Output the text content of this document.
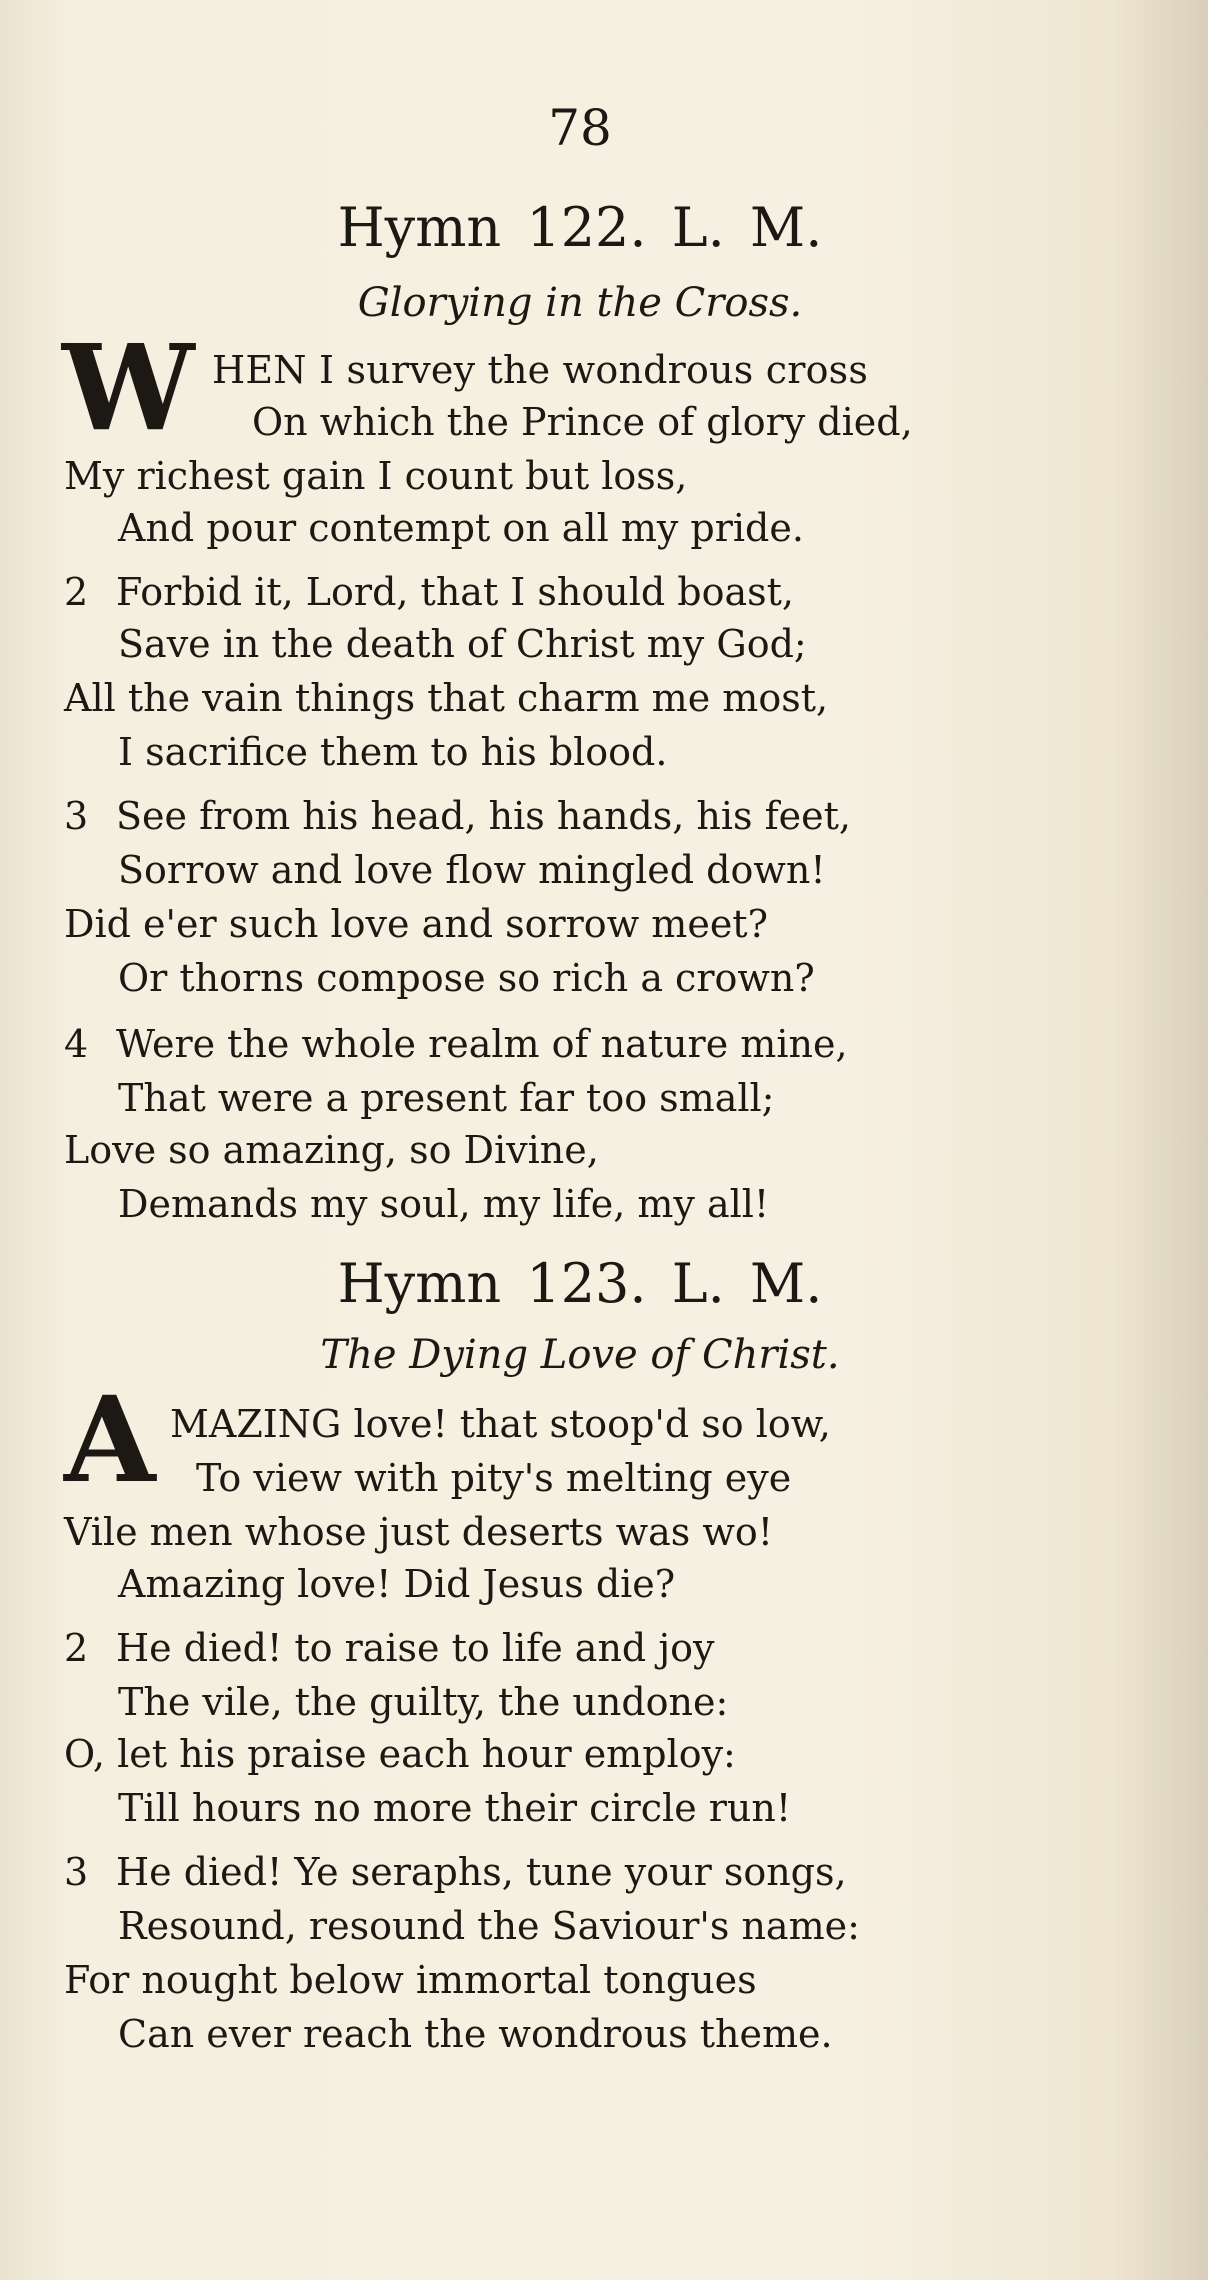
78
Hymn 122. L. M.
Glorying in the Cross.
W HEN I survey the wondrous cross
On which the Prince of glory died,
My richest gain I count but loss,
And pour contempt on all my pride.
2 Forbid it, Lord, that I should boast,
Save in the death of Christ my God;
All the vain things that charm me most,
I sacrifice them to his blood.
3 See from his head, his hands, his feet,
Sorrow and love flow mingled down!
Did e'er such love and sorrow meet?
Or thorns compose so rich a crown?
4 Were the whole realm of nature mine,
That were a present far too small;
Love so amazing, so Divine,
Demands my soul, my life, my all!
Hymn 123. L. M.
The Dying Love of Christ.
A MAZING love! that stoop'd so low,
To view with pity's melting eye
Vile men whose just deserts was wo!
Amazing love! Did Jesus die?
2 He died! to raise to life and joy
The vile, the guilty, the undone:
O, let his praise each hour employ:
Till hours no more their circle run!
3 He died! Ye seraphs, tune your songs,
Resound, resound the Saviour's name:
For nought below immortal tongues
Can ever reach the wondrous theme.
